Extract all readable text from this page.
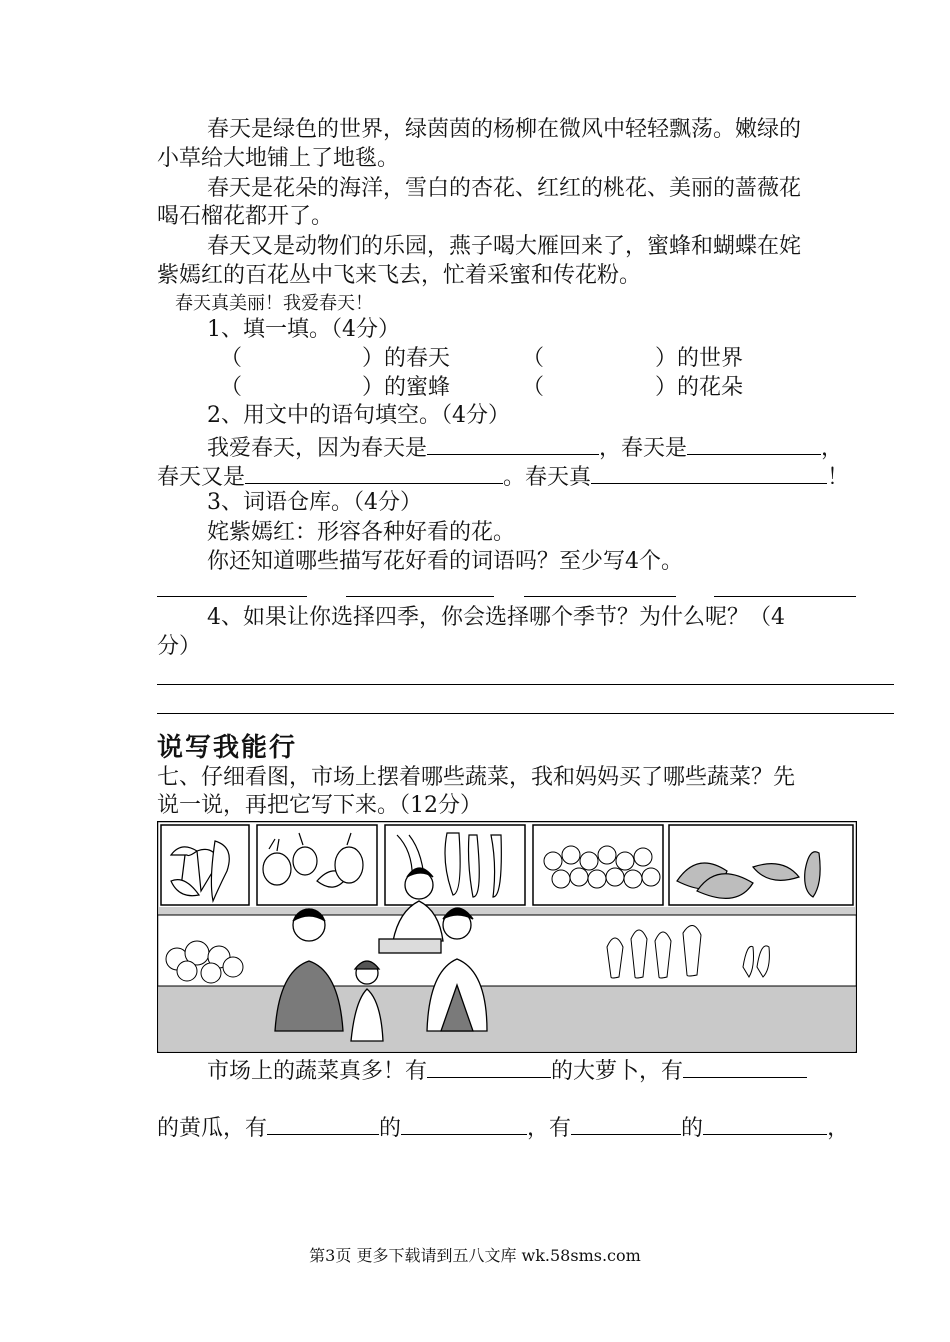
春天是绿色的世界，绿茵茵的杨柳在微风中轻轻飘荡。嫩绿的
小草给大地铺上了地毯。
春天是花朵的海洋，雪白的杏花、红红的桃花、美丽的蔷薇花
喝石榴花都开了。
春天又是动物们的乐园，燕子喝大雁回来了，蜜蜂和蝴蝶在姹
紫嫣红的百花丛中飞来飞去，忙着采蜜和传花粉。
春天真美丽！我爱春天！
1、填一填。（4分）
（	）的春天	（	）的世界
（	）的蜜蜂	（	）的花朵
2、用文中的语句填空。（4分）
我爱春天，因为春天是	，春天是	，
春天又是	。春天真	！
3、词语仓库。（4分）
姹紫嫣红：形容各种好看的花。
你还知道哪些描写花好看的词语吗？至少写4个。
4、如果让你选择四季，你会选择哪个季节？为什么呢？（4
分）
说写我能行
七、仔细看图，市场上摆着哪些蔬菜，我和妈妈买了哪些蔬菜？先
说一说，再把它写下来。（12分）
市场上的蔬菜真多！有	的大萝卜，有
的黄瓜，有	的	，有	的	，
第3页 更多下载请到五八文库 wk.58sms.com
